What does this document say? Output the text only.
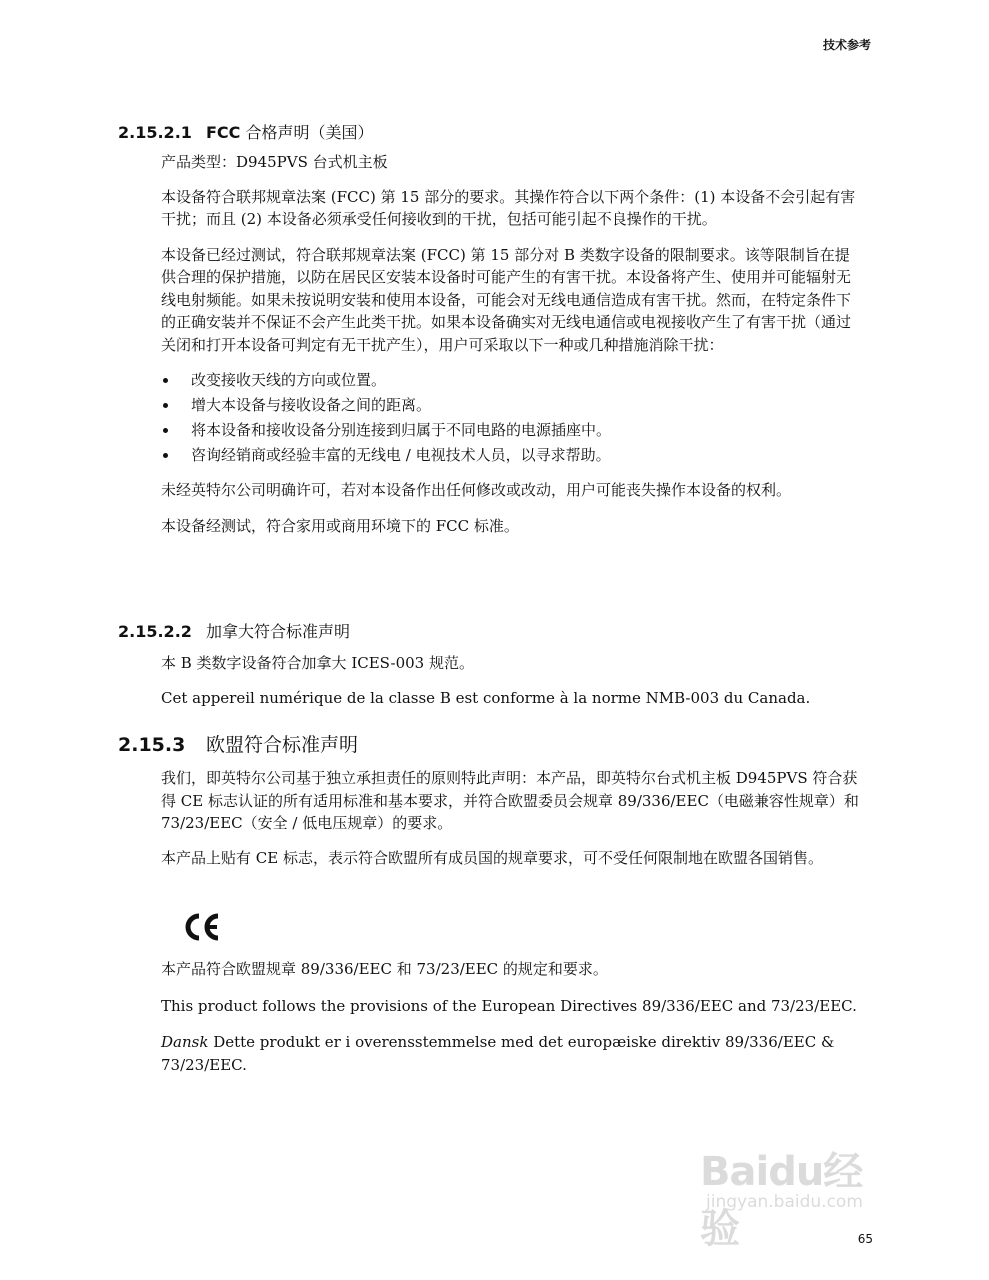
技术参考
2.15.2.1 FCC 合格声明（美国）

产品类型：D945PVS 台式机主板

本设备符合联邦规章法案 (FCC) 第 15 部分的要求。其操作符合以下两个条件：(1) 本设备不会引起有害干扰；而且 (2) 本设备必须承受任何接收到的干扰，包括可能引起不良操作的干扰。

本设备已经过测试，符合联邦规章法案 (FCC) 第 15 部分对 B 类数字设备的限制要求。该等限制旨在提供合理的保护措施，以防在居民区安装本设备时可能产生的有害干扰。本设备将产生、使用并可能辐射无线电射频能。如果未按说明安装和使用本设备，可能会对无线电通信造成有害干扰。然而，在特定条件下的正确安装并不保证不会产生此类干扰。如果本设备确实对无线电通信或电视接收产生了有害干扰（通过关闭和打开本设备可判定有无干扰产生），用户可采取以下一种或几种措施消除干扰：

改变接收天线的方向或位置。
增大本设备与接收设备之间的距离。
将本设备和接收设备分别连接到归属于不同电路的电源插座中。
咨询经销商或经验丰富的无线电 / 电视技术人员，以寻求帮助。

未经英特尔公司明确许可，若对本设备作出任何修改或改动，用户可能丧失操作本设备的权利。

本设备经测试，符合家用或商用环境下的 FCC 标准。

2.15.2.2 加拿大符合标准声明

本 B 类数字设备符合加拿大 ICES-003 规范。

Cet appereil numérique de la classe B est conforme à la norme NMB-003 du Canada.

2.15.3 欧盟符合标准声明

我们，即英特尔公司基于独立承担责任的原则特此声明：本产品，即英特尔台式机主板 D945PVS 符合获得 CE 标志认证的所有适用标准和基本要求，并符合欧盟委员会规章 89/336/EEC（电磁兼容性规章）和 73/23/EEC（安全 / 低电压规章）的要求。

本产品上贴有 CE 标志，表示符合欧盟所有成员国的规章要求，可不受任何限制地在欧盟各国销售。

本产品符合欧盟规章 89/336/EEC 和 73/23/EEC 的规定和要求。

This product follows the provisions of the European Directives 89/336/EEC and 73/23/EEC.

Dansk Dette produkt er i overensstemmelse med det europæiske direktiv 89/336/EEC & 73/23/EEC.

Baidu经验
jingyan.baidu.com
65
